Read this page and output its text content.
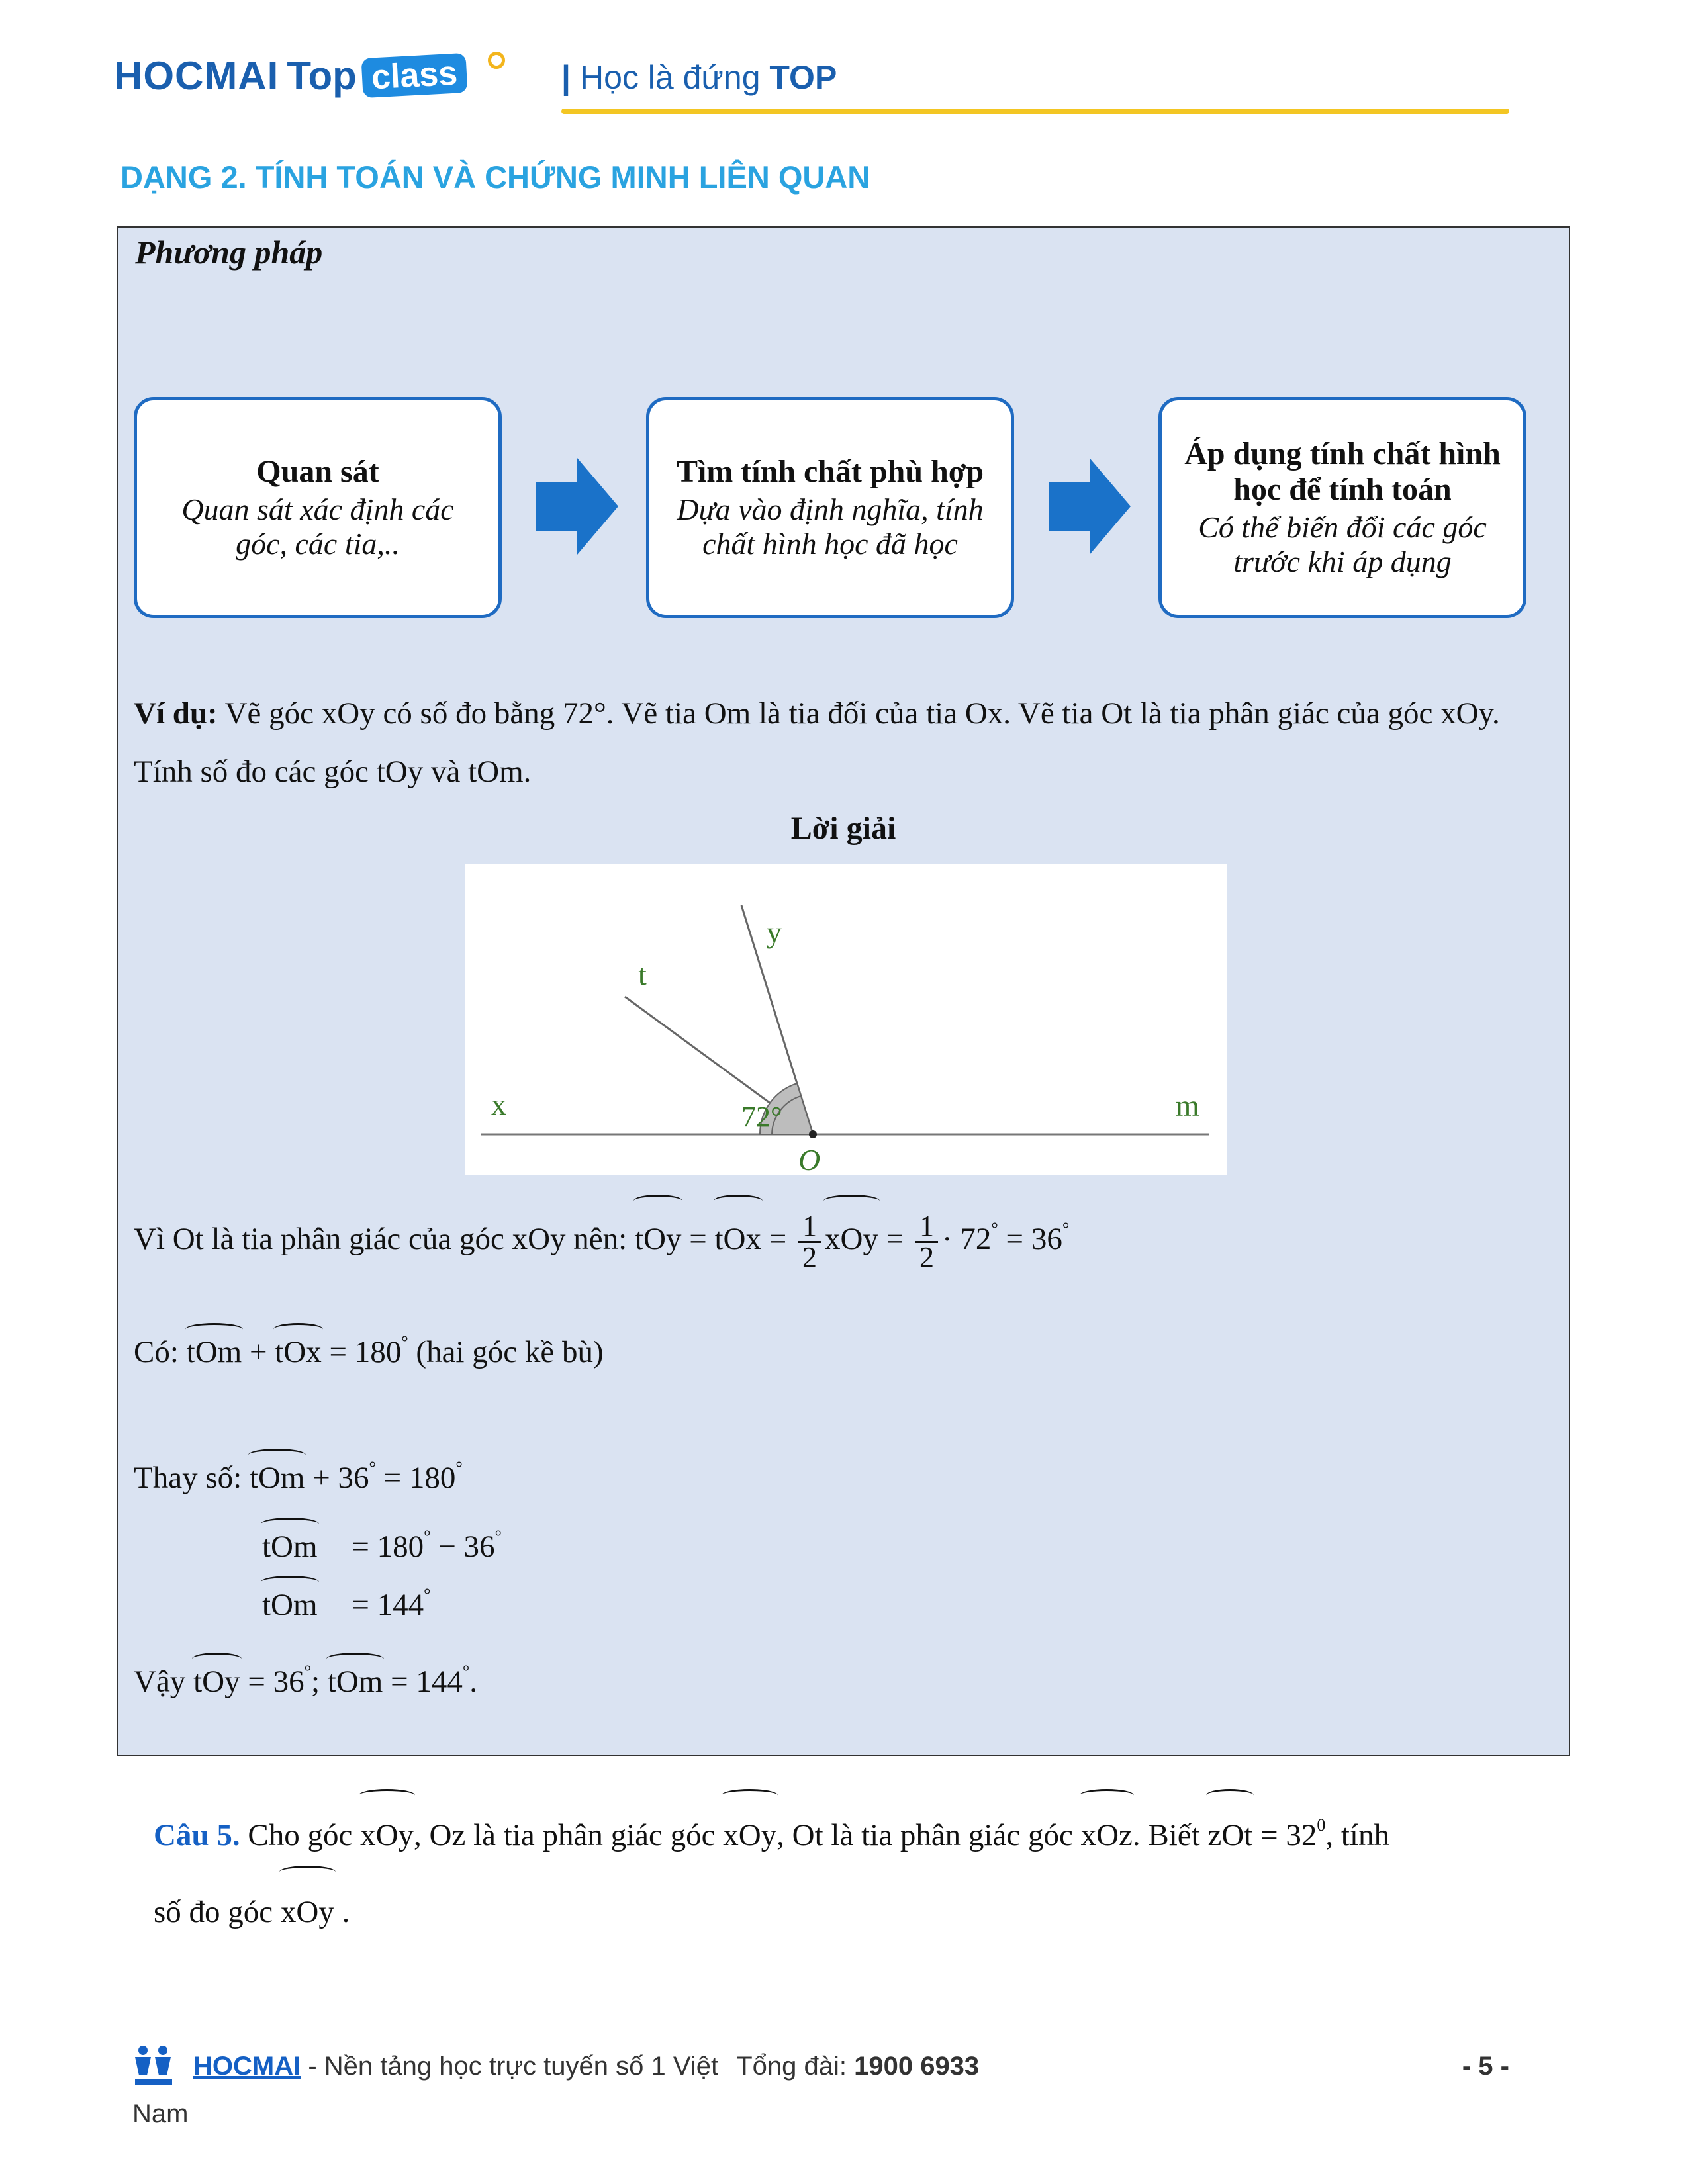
HOCMAI Top class	| Học là đứng TOP
DẠNG 2. TÍNH TOÁN VÀ CHỨNG MINH LIÊN QUAN
Phương pháp
Quan sát
Quan sát xác định các góc, các tia,..
Tìm tính chất phù hợp
Dựa vào định nghĩa, tính chất hình học đã học
Áp dụng tính chất hình học để tính toán
Có thể biến đổi các góc trước khi áp dụng
Ví dụ: Vẽ góc xOy có số đo bằng 72°. Vẽ tia Om là tia đối của tia Ox. Vẽ tia Ot là tia phân giác của góc xOy. Tính số đo các góc tOy và tOm.
Lời giải
x	m
y
t
O
72°
Vì Ot là tia phân giác của góc xOy nên: tOy = tOx = $\frac{1}{2}$ xOy = $\frac{1}{2} \cdot 72^\circ = 36^\circ$
Có: tOm + tOx = 180° (hai góc kề bù)
Thay số: tOm + 36° = 180°
tOm = 180° − 36°
tOm = 144°
Vậy tOy = 36°; tOm = 144°.
Câu 5. Cho góc xOy, Oz là tia phân giác góc xOy, Ot là tia phân giác góc xOz. Biết zOt = $32^0$, tính
số đo góc xOy .
HOCMAI - Nền tảng học trực tuyến số 1 Việt Tổng đài: 1900 6933	- 5 -
Nam
